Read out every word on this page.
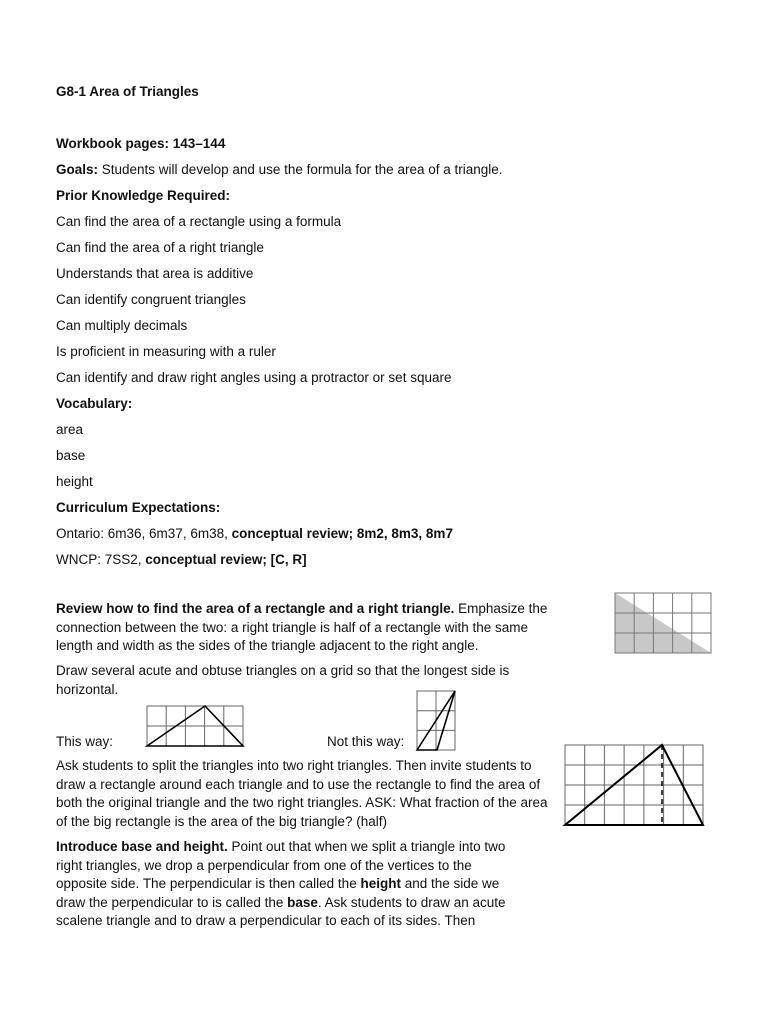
G8-1 Area of Triangles
Workbook pages: 143–144
Goals: Students will develop and use the formula for the area of a triangle.
Prior Knowledge Required:
Can find the area of a rectangle using a formula
Can find the area of a right triangle
Understands that area is additive
Can identify congruent triangles
Can multiply decimals
Is proficient in measuring with a ruler
Can identify and draw right angles using a protractor or set square
Vocabulary:
area
base
height
Curriculum Expectations:
Ontario: 6m36, 6m37, 6m38, conceptual review; 8m2, 8m3, 8m7
WNCP: 7SS2, conceptual review; [C, R]
Review how to find the area of a rectangle and a right triangle. Emphasize the connection between the two: a right triangle is half of a rectangle with the same length and width as the sides of the triangle adjacent to the right angle.
Draw several acute and obtuse triangles on a grid so that the longest side is horizontal.
This way:	Not this way:
Ask students to split the triangles into two right triangles. Then invite students to draw a rectangle around each triangle and to use the rectangle to find the area of both the original triangle and the two right triangles. ASK: What fraction of the area of the big rectangle is the area of the big triangle? (half)
Introduce base and height. Point out that when we split a triangle into two right triangles, we drop a perpendicular from one of the vertices to the opposite side. The perpendicular is then called the height and the side we draw the perpendicular to is called the base. Ask students to draw an acute scalene triangle and to draw a perpendicular to each of its sides. Then
